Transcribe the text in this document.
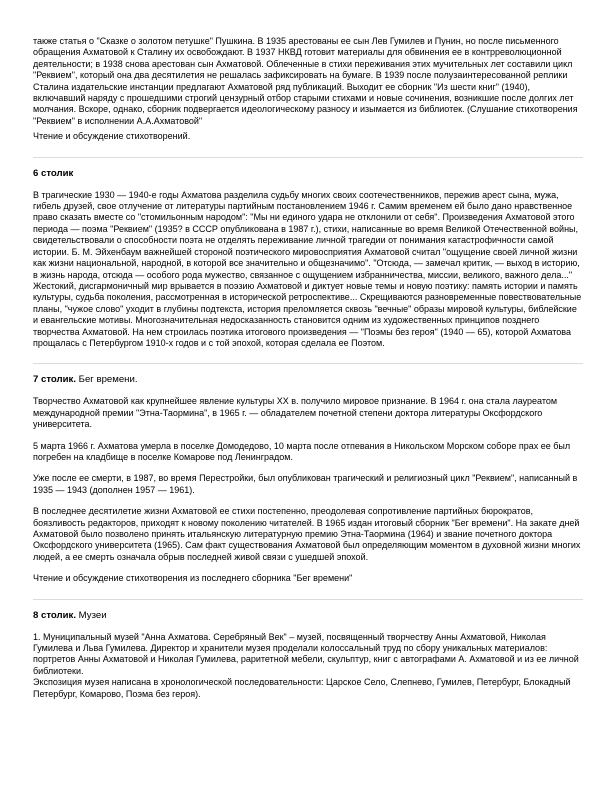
также статья о "Сказке о золотом петушке" Пушкина. В 1935 арестованы ее сын Лев Гумилев и Пунин, но после письменного обращения Ахматовой к Сталину их освобождают. В 1937 НКВД готовит материалы для обвинения ее в контрреволюционной деятельности; в 1938 снова арестован сын Ахматовой. Облеченные в стихи переживания этих мучительных лет составили цикл "Реквием", который она два десятилетия не решалась зафиксировать на бумаге. В 1939 после полузаинтересованной реплики Сталина издательские инстанции предлагают Ахматовой ряд публикаций. Выходит ее сборник "Из шести книг" (1940), включавший наряду с прошедшими строгий цензурный отбор старыми стихами и новые сочинения, возникшие после долгих лет молчания. Вскоре, однако, сборник подвергается идеологическому разносу и изымается из библиотек. (Слушание стихотворения "Реквием" в исполнении А.А.Ахматовой"

Чтение и обсуждение стихотворений.

6 столик

В трагические 1930 — 1940-е годы Ахматова разделила судьбу многих своих соотечественников, пережив арест сына, мужа, гибель друзей, свое отлучение от литературы партийным постановлением 1946 г. Самим временем ей было дано нравственное право сказать вместе со "стомильонным народом": "Мы ни единого удара не отклонили от себя". Произведения Ахматовой этого периода — поэма "Реквием" (1935? в СССР опубликована в 1987 г.), стихи, написанные во время Великой Отечественной войны, свидетельствовали о способности поэта не отделять переживание личной трагедии от понимания катастрофичности самой истории. Б. М. Эйхенбаум важнейшей стороной поэтического мировосприятия Ахматовой считал "ощущение своей личной жизни как жизни национальной, народной, в которой все значительно и общезначимо". "Отсюда, — замечал критик, — выход в историю, в жизнь народа, отсюда — особого рода мужество, связанное с ощущением избранничества, миссии, великого, важного дела..." Жестокий, дисгармоничный мир врывается в поэзию Ахматовой и диктует новые темы и новую поэтику: память истории и память культуры, судьба поколения, рассмотренная в исторической ретроспективе... Скрещиваются разновременные повествовательные планы, "чужое слово" уходит в глубины подтекста, история преломляется сквозь "вечные" образы мировой культуры, библейские и евангельские мотивы. Многозначительная недосказанность становится одним из художественных принципов позднего творчества Ахматовой. На нем строилась поэтика итогового произведения — "Поэмы без героя" (1940 — 65), которой Ахматова прощалась с Петербургом 1910-х годов и с той эпохой, которая сделала ее Поэтом.

7 столик. Бег времени.

Творчество Ахматовой как крупнейшее явление культуры XX в. получило мировое признание. В 1964 г. она стала лауреатом международной премии "Этна-Таормина", в 1965 г. — обладателем почетной степени доктора литературы Оксфордского университета.

5 марта 1966 г. Ахматова умерла в поселке Домодедово, 10 марта после отпевания в Никольском Морском соборе прах ее был погребен на кладбище в поселке Комарове под Ленинградом.

Уже после ее смерти, в 1987, во время Перестройки, был опубликован трагический и религиозный цикл "Реквием", написанный в 1935 — 1943 (дополнен 1957 — 1961).

В последнее десятилетие жизни Ахматовой ее стихи постепенно, преодолевая сопротивление партийных бюрократов, боязливость редакторов, приходят к новому поколению читателей. В 1965 издан итоговый сборник "Бег времени". На закате дней Ахматовой было позволено принять итальянскую литературную премию Этна-Таормина (1964) и звание почетного доктора Оксфордского университета (1965). Сам факт существования Ахматовой был определяющим моментом в духовной жизни многих людей, а ее смерть означала обрыв последней живой связи с ушедшей эпохой.

Чтение и обсуждение стихотворения из последнего сборника "Бег времени"

8 столик. Музеи

1. Муниципальный музей "Анна Ахматова. Серебряный Век" – музей, посвященный творчеству Анны Ахматовой, Николая Гумилева и Льва Гумилева. Директор и хранители музея проделали колоссальный труд по сбору уникальных материалов: портретов Анны Ахматовой и Николая Гумилева, раритетной мебели, скульптур, книг с автографами А. Ахматовой и из ее личной библиотеки.

Экспозиция музея написана в хронологической последовательности: Царское Село, Слепнево, Гумилев, Петербург, Блокадный Петербург, Комарово, Поэма без героя).
